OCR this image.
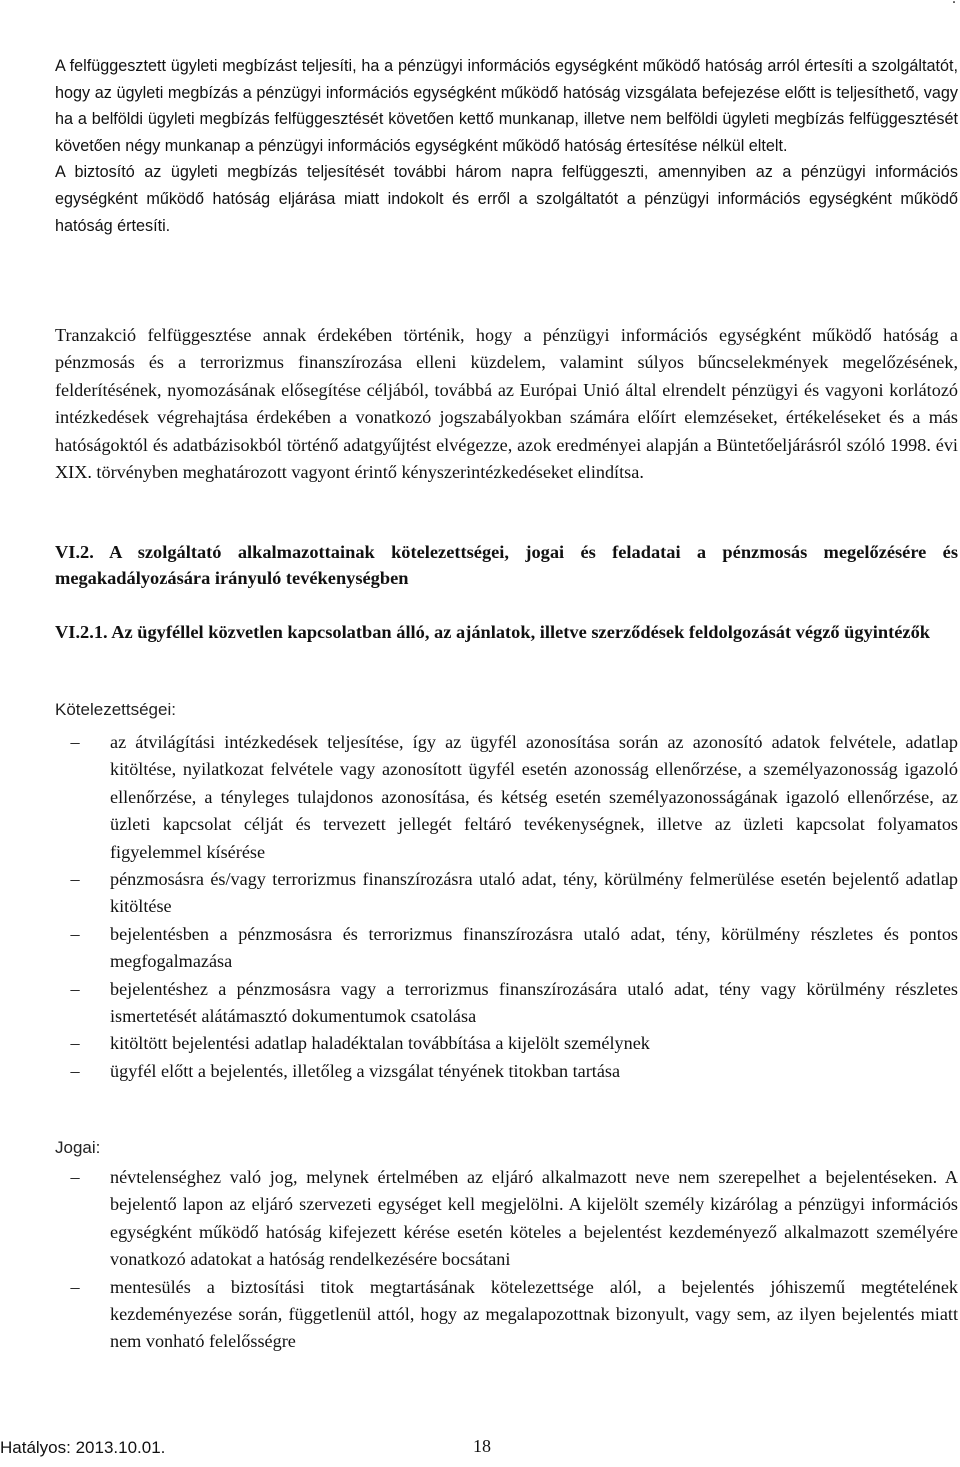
A felfüggesztett ügyleti megbízást teljesíti, ha a pénzügyi információs egységként működő hatóság arról értesíti a szolgáltatót, hogy az ügyleti megbízás a pénzügyi információs egységként működő hatóság vizsgálata befejezése előtt is teljesíthető, vagy ha a belföldi ügyleti megbízás felfüggesztését követően kettő munkanap, illetve nem belföldi ügyleti megbízás felfüggesztését követően négy munkanap a pénzügyi információs egységként működő hatóság értesítése nélkül eltelt.

A biztosító az ügyleti megbízás teljesítését további három napra felfüggeszti, amennyiben az a pénzügyi információs egységként működő hatóság eljárása miatt indokolt és erről a szolgáltatót a pénzügyi információs egységként működő hatóság értesíti.

Tranzakció felfüggesztése annak érdekében történik, hogy a pénzügyi információs egységként működő hatóság a pénzmosás és a terrorizmus finanszírozása elleni küzdelem, valamint súlyos bűncselekmények megelőzésének, felderítésének, nyomozásának elősegítése céljából, továbbá az Európai Unió által elrendelt pénzügyi és vagyoni korlátozó intézkedések végrehajtása érdekében a vonatkozó jogszabályokban számára előírt elemzéseket, értékeléseket és a más hatóságoktól és adatbázisokból történő adatgyűjtést elvégezze, azok eredményei alapján a Büntetőeljárásról szóló 1998. évi XIX. törvényben meghatározott vagyont érintő kényszerintézkedéseket elindítsa.

VI.2. A szolgáltató alkalmazottainak kötelezettségei, jogai és feladatai a pénzmosás megelőzésére és megakadályozására irányuló tevékenységben
VI.2.1. Az ügyféllel közvetlen kapcsolatban álló, az ajánlatok, illetve szerződések feldolgozását végző ügyintézők
Kötelezettségei:
–	az átvilágítási intézkedések teljesítése, így az ügyfél azonosítása során az azonosító adatok felvétele, adatlap kitöltése, nyilatkozat felvétele vagy azonosított ügyfél esetén azonosság ellenőrzése, a személyazonosság igazoló ellenőrzése, a tényleges tulajdonos azonosítása, és kétség esetén személyazonosságának igazoló ellenőrzése, az üzleti kapcsolat célját és tervezett jellegét feltáró tevékenységnek, illetve az üzleti kapcsolat folyamatos figyelemmel kísérése
–	pénzmosásra és/vagy terrorizmus finanszírozásra utaló adat, tény, körülmény felmerülése esetén bejelentő adatlap kitöltése
–	bejelentésben a pénzmosásra és terrorizmus finanszírozásra utaló adat, tény, körülmény részletes és pontos megfogalmazása
–	bejelentéshez a pénzmosásra vagy a terrorizmus finanszírozására utaló adat, tény vagy körülmény részletes ismertetését alátámasztó dokumentumok csatolása
–	kitöltött bejelentési adatlap haladéktalan továbbítása a kijelölt személynek
–	ügyfél előtt a bejelentés, illetőleg a vizsgálat tényének titokban tartása
Jogai:
–	névtelenséghez való jog, melynek értelmében az eljáró alkalmazott neve nem szerepelhet a bejelentéseken. A bejelentő lapon az eljáró szervezeti egységet kell megjelölni. A kijelölt személy kizárólag a pénzügyi információs egységként működő hatóság kifejezett kérése esetén köteles a bejelentést kezdeményező alkalmazott személyére vonatkozó adatokat a hatóság rendelkezésére bocsátani
–	mentesülés a biztosítási titok megtartásának kötelezettsége alól, a bejelentés jóhiszemű megtételének kezdeményezése során, függetlenül attól, hogy az megalapozottnak bizonyult, vagy sem, az ilyen bejelentés miatt nem vonható felelősségre
Hatályos: 2013.10.01.	18
